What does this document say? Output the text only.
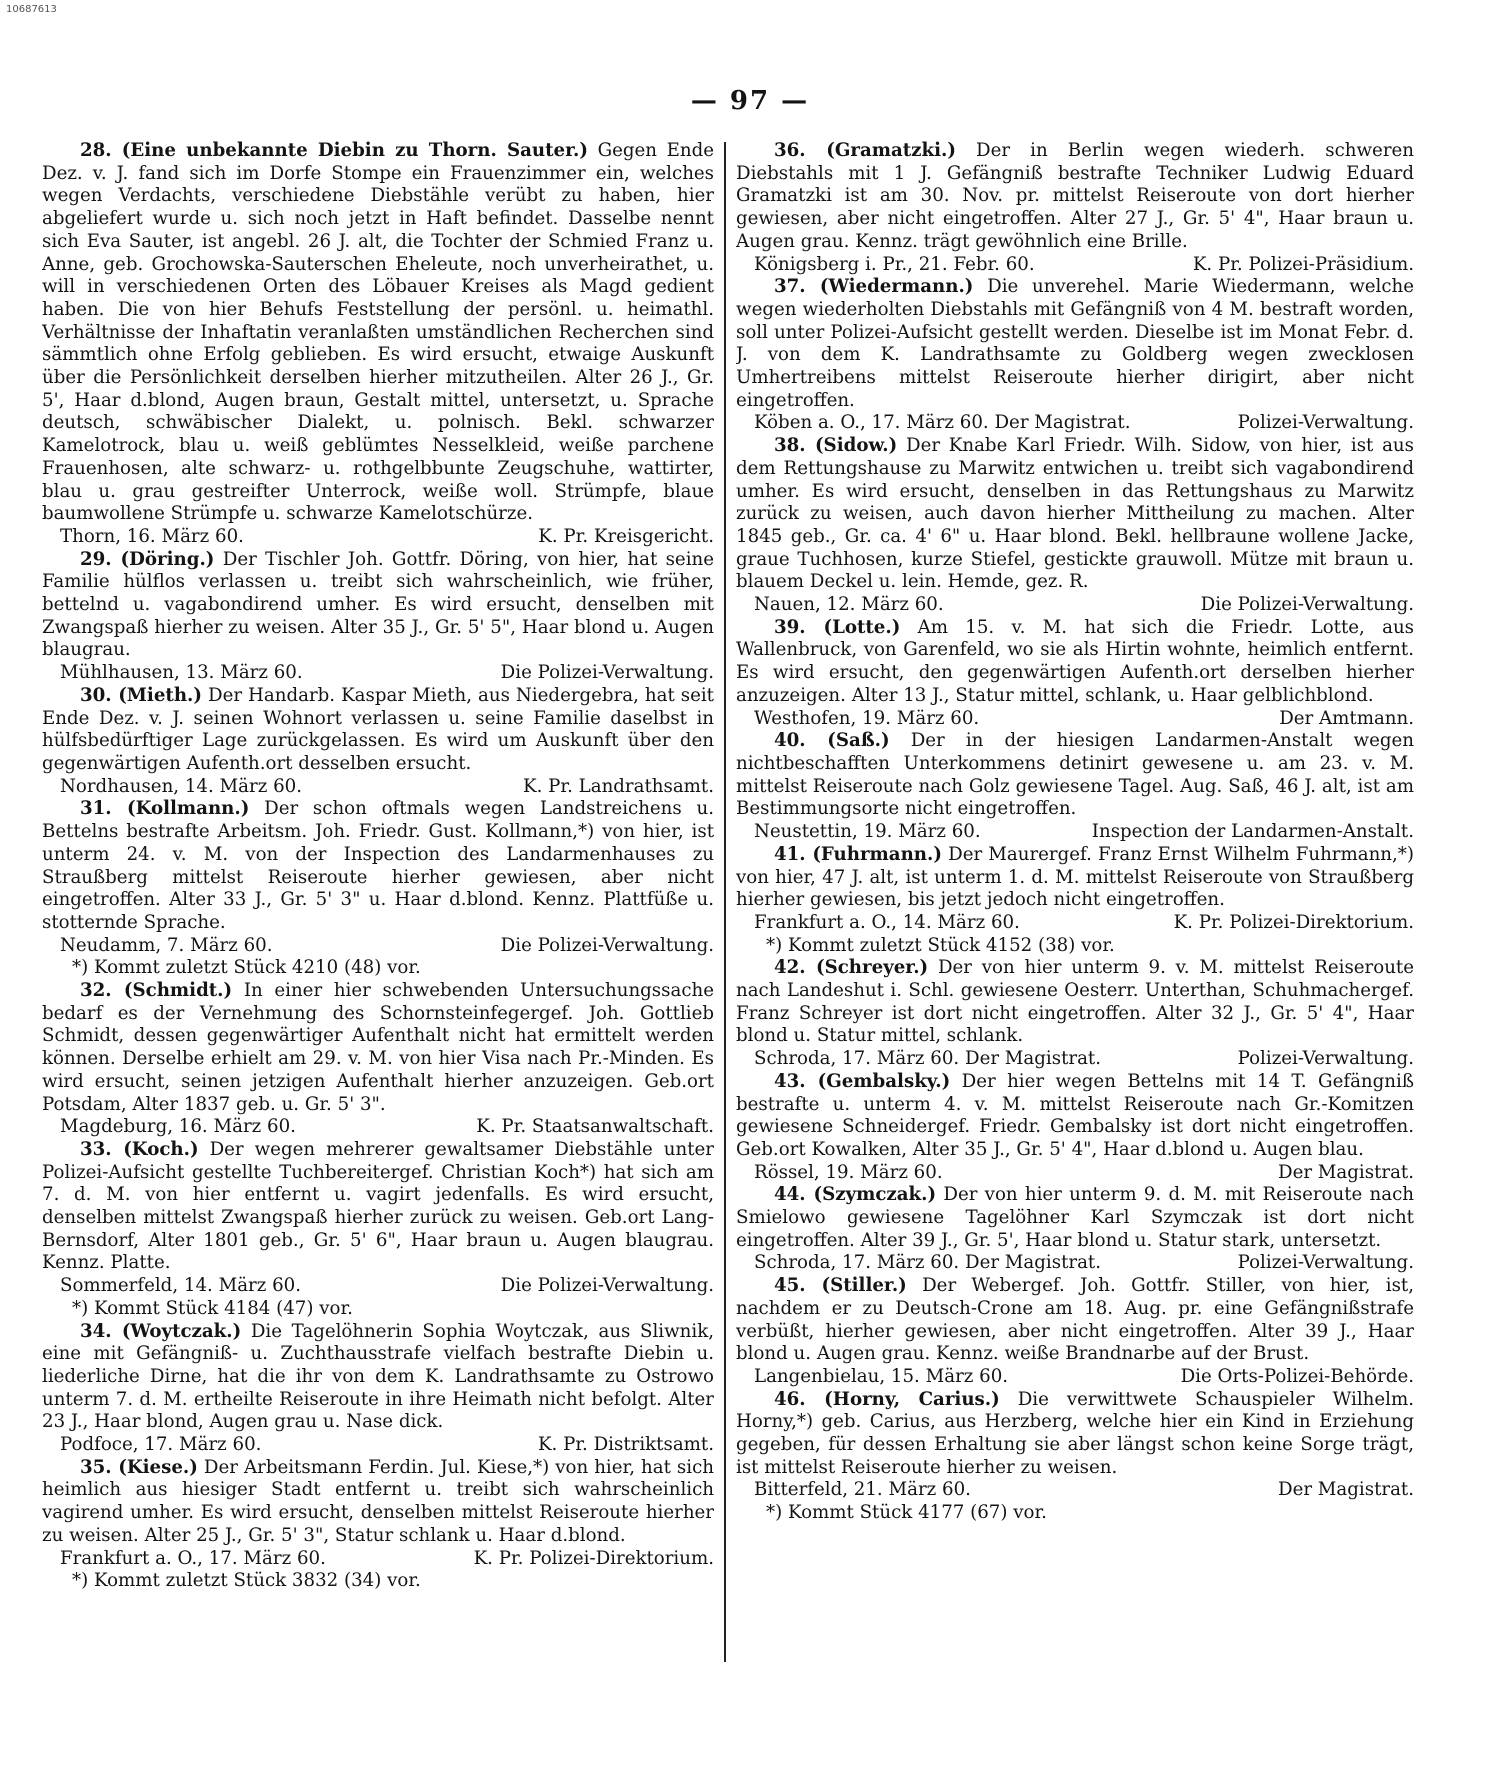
10687613
— 97 —
28. (Eine unbekannte Diebin zu Thorn. Sauter.) Gegen Ende Dez. v. J. fand sich im Dorfe Stompe ein Frauenzimmer ein, welches wegen Verdachts, verschiedene Diebstähle verübt zu haben, hier abgeliefert wurde u. sich noch jetzt in Haft befindet. Dasselbe nennt sich Eva Sauter, ist angebl. 26 J. alt, die Tochter der Schmied Franz u. Anne, geb. Grochowska-Sauterschen Eheleute, noch unverheirathet, u. will in verschiedenen Orten des Löbauer Kreises als Magd gedient haben. Die von hier Behufs Feststellung der persönl. u. heimathl. Verhältnisse der Inhaftatin veranlaßten umständlichen Recherchen sind sämmtlich ohne Erfolg geblieben. Es wird ersucht, etwaige Auskunft über die Persönlichkeit derselben hierher mitzutheilen. Alter 26 J., Gr. 5', Haar d.blond, Augen braun, Gestalt mittel, untersetzt, u. Sprache deutsch, schwäbischer Dialekt, u. polnisch. Bekl. schwarzer Kamelotrock, blau u. weiß geblümtes Nesselkleid, weiße parchene Frauenhosen, alte schwarz- u. rothgelbbunte Zeugschuhe, wattirter, blau u. grau gestreifter Unterrock, weiße woll. Strümpfe, blaue baumwollene Strümpfe u. schwarze Kamelotschürze.
Thorn, 16. März 60.	K. Pr. Kreisgericht.
29. (Döring.) Der Tischler Joh. Gottfr. Döring, von hier, hat seine Familie hülflos verlassen u. treibt sich wahrscheinlich, wie früher, bettelnd u. vagabondirend umher. Es wird ersucht, denselben mit Zwangspaß hierher zu weisen. Alter 35 J., Gr. 5' 5", Haar blond u. Augen blaugrau.
Mühlhausen, 13. März 60.	Die Polizei-Verwaltung.
30. (Mieth.) Der Handarb. Kaspar Mieth, aus Niedergebra, hat seit Ende Dez. v. J. seinen Wohnort verlassen u. seine Familie daselbst in hülfsbedürftiger Lage zurückgelassen. Es wird um Auskunft über den gegenwärtigen Aufenth.ort desselben ersucht.
Nordhausen, 14. März 60.	K. Pr. Landrathsamt.
31. (Kollmann.) Der schon oftmals wegen Landstreichens u. Bettelns bestrafte Arbeitsm. Joh. Friedr. Gust. Kollmann,*) von hier, ist unterm 24. v. M. von der Inspection des Landarmenhauses zu Straußberg mittelst Reiseroute hierher gewiesen, aber nicht eingetroffen. Alter 33 J., Gr. 5' 3" u. Haar d.blond. Kennz. Plattfüße u. stotternde Sprache.
Neudamm, 7. März 60.	Die Polizei-Verwaltung.
*) Kommt zuletzt Stück 4210 (48) vor.
32. (Schmidt.) In einer hier schwebenden Untersuchungssache bedarf es der Vernehmung des Schornsteinfegergef. Joh. Gottlieb Schmidt, dessen gegenwärtiger Aufenthalt nicht hat ermittelt werden können. Derselbe erhielt am 29. v. M. von hier Visa nach Pr.-Minden. Es wird ersucht, seinen jetzigen Aufenthalt hierher anzuzeigen. Geb.ort Potsdam, Alter 1837 geb. u. Gr. 5' 3".
Magdeburg, 16. März 60.	K. Pr. Staatsanwaltschaft.
33. (Koch.) Der wegen mehrerer gewaltsamer Diebstähle unter Polizei-Aufsicht gestellte Tuchbereitergef. Christian Koch*) hat sich am 7. d. M. von hier entfernt u. vagirt jedenfalls. Es wird ersucht, denselben mittelst Zwangspaß hierher zurück zu weisen. Geb.ort Lang-Bernsdorf, Alter 1801 geb., Gr. 5' 6", Haar braun u. Augen blaugrau. Kennz. Platte.
Sommerfeld, 14. März 60.	Die Polizei-Verwaltung.
*) Kommt Stück 4184 (47) vor.
34. (Woytczak.) Die Tagelöhnerin Sophia Woytczak, aus Sliwnik, eine mit Gefängniß- u. Zuchthausstrafe vielfach bestrafte Diebin u. liederliche Dirne, hat die ihr von dem K. Landrathsamte zu Ostrowo unterm 7. d. M. ertheilte Reiseroute in ihre Heimath nicht befolgt. Alter 23 J., Haar blond, Augen grau u. Nase dick.
Podfoce, 17. März 60.	K. Pr. Distriktsamt.
35. (Kiese.) Der Arbeitsmann Ferdin. Jul. Kiese,*) von hier, hat sich heimlich aus hiesiger Stadt entfernt u. treibt sich wahrscheinlich vagirend umher. Es wird ersucht, denselben mittelst Reiseroute hierher zu weisen. Alter 25 J., Gr. 5' 3", Statur schlank u. Haar d.blond.
Frankfurt a. O., 17. März 60.	K. Pr. Polizei-Direktorium.
*) Kommt zuletzt Stück 3832 (34) vor.
36. (Gramatzki.) Der in Berlin wegen wiederh. schweren Diebstahls mit 1 J. Gefängniß bestrafte Techniker Ludwig Eduard Gramatzki ist am 30. Nov. pr. mittelst Reiseroute von dort hierher gewiesen, aber nicht eingetroffen. Alter 27 J., Gr. 5' 4", Haar braun u. Augen grau. Kennz. trägt gewöhnlich eine Brille.
Königsberg i. Pr., 21. Febr. 60.	K. Pr. Polizei-Präsidium.
37. (Wiedermann.) Die unverehel. Marie Wiedermann, welche wegen wiederholten Diebstahls mit Gefängniß von 4 M. bestraft worden, soll unter Polizei-Aufsicht gestellt werden. Dieselbe ist im Monat Febr. d. J. von dem K. Landrathsamte zu Goldberg wegen zwecklosen Umhertreibens mittelst Reiseroute hierher dirigirt, aber nicht eingetroffen.
Köben a. O., 17. März 60. Der Magistrat.	Polizei-Verwaltung.
38. (Sidow.) Der Knabe Karl Friedr. Wilh. Sidow, von hier, ist aus dem Rettungshause zu Marwitz entwichen u. treibt sich vagabondirend umher. Es wird ersucht, denselben in das Rettungshaus zu Marwitz zurück zu weisen, auch davon hierher Mittheilung zu machen. Alter 1845 geb., Gr. ca. 4' 6" u. Haar blond. Bekl. hellbraune wollene Jacke, graue Tuchhosen, kurze Stiefel, gestickte grauwoll. Mütze mit braun u. blauem Deckel u. lein. Hemde, gez. R.
Nauen, 12. März 60.	Die Polizei-Verwaltung.
39. (Lotte.) Am 15. v. M. hat sich die Friedr. Lotte, aus Wallenbruck, von Garenfeld, wo sie als Hirtin wohnte, heimlich entfernt. Es wird ersucht, den gegenwärtigen Aufenth.ort derselben hierher anzuzeigen. Alter 13 J., Statur mittel, schlank, u. Haar gelblichblond.
Westhofen, 19. März 60.	Der Amtmann.
40. (Saß.) Der in der hiesigen Landarmen-Anstalt wegen nichtbeschafften Unterkommens detinirt gewesene u. am 23. v. M. mittelst Reiseroute nach Golz gewiesene Tagel. Aug. Saß, 46 J. alt, ist am Bestimmungsorte nicht eingetroffen.
Neustettin, 19. März 60.	Inspection der Landarmen-Anstalt.
41. (Fuhrmann.) Der Maurergef. Franz Ernst Wilhelm Fuhrmann,*) von hier, 47 J. alt, ist unterm 1. d. M. mittelst Reiseroute von Straußberg hierher gewiesen, bis jetzt jedoch nicht eingetroffen.
Frankfurt a. O., 14. März 60.	K. Pr. Polizei-Direktorium.
*) Kommt zuletzt Stück 4152 (38) vor.
42. (Schreyer.) Der von hier unterm 9. v. M. mittelst Reiseroute nach Landeshut i. Schl. gewiesene Oesterr. Unterthan, Schuhmachergef. Franz Schreyer ist dort nicht eingetroffen. Alter 32 J., Gr. 5' 4", Haar blond u. Statur mittel, schlank.
Schroda, 17. März 60. Der Magistrat.	Polizei-Verwaltung.
43. (Gembalsky.) Der hier wegen Bettelns mit 14 T. Gefängniß bestrafte u. unterm 4. v. M. mittelst Reiseroute nach Gr.-Komitzen gewiesene Schneidergef. Friedr. Gembalsky ist dort nicht eingetroffen. Geb.ort Kowalken, Alter 35 J., Gr. 5' 4", Haar d.blond u. Augen blau.
Rössel, 19. März 60.	Der Magistrat.
44. (Szymczak.) Der von hier unterm 9. d. M. mit Reiseroute nach Smielowo gewiesene Tagelöhner Karl Szymczak ist dort nicht eingetroffen. Alter 39 J., Gr. 5', Haar blond u. Statur stark, untersetzt.
Schroda, 17. März 60. Der Magistrat.	Polizei-Verwaltung.
45. (Stiller.) Der Webergef. Joh. Gottfr. Stiller, von hier, ist, nachdem er zu Deutsch-Crone am 18. Aug. pr. eine Gefängnißstrafe verbüßt, hierher gewiesen, aber nicht eingetroffen. Alter 39 J., Haar blond u. Augen grau. Kennz. weiße Brandnarbe auf der Brust.
Langenbielau, 15. März 60.	Die Orts-Polizei-Behörde.
46. (Horny, Carius.) Die verwittwete Schauspieler Wilhelm. Horny,*) geb. Carius, aus Herzberg, welche hier ein Kind in Erziehung gegeben, für dessen Erhaltung sie aber längst schon keine Sorge trägt, ist mittelst Reiseroute hierher zu weisen.
Bitterfeld, 21. März 60.	Der Magistrat.
*) Kommt Stück 4177 (67) vor.
